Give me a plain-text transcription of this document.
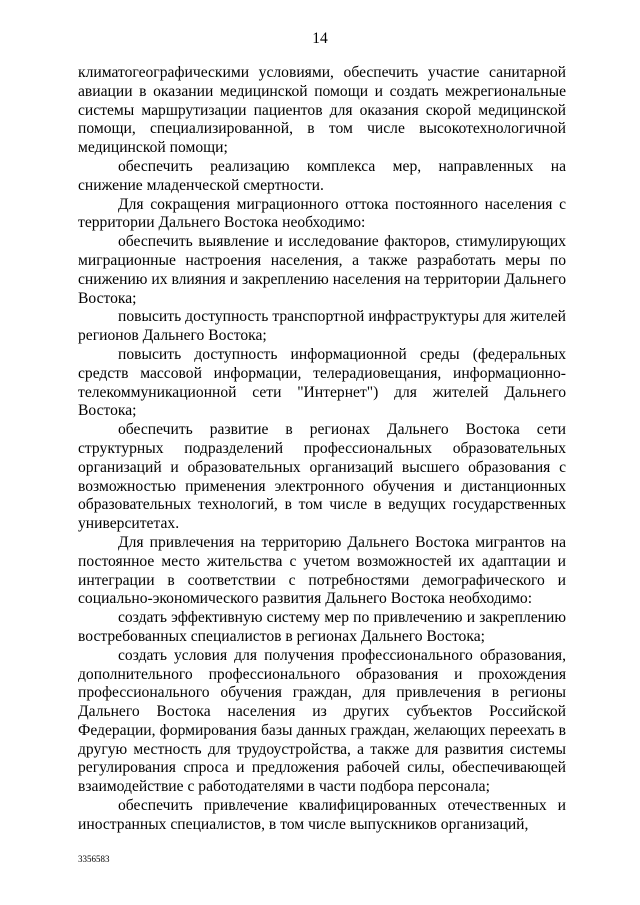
14

климатогеографическими условиями, обеспечить участие санитарной авиации в оказании медицинской помощи и создать межрегиональные системы маршрутизации пациентов для оказания скорой медицинской помощи, специализированной, в том числе высокотехнологичной медицинской помощи;

обеспечить реализацию комплекса мер, направленных на снижение младенческой смертности.

Для сокращения миграционного оттока постоянного населения с территории Дальнего Востока необходимо:

обеспечить выявление и исследование факторов, стимулирующих миграционные настроения населения, а также разработать меры по снижению их влияния и закреплению населения на территории Дальнего Востока;

повысить доступность транспортной инфраструктуры для жителей регионов Дальнего Востока;

повысить доступность информационной среды (федеральных средств массовой информации, телерадиовещания, информационно-телекоммуникационной сети "Интернет") для жителей Дальнего Востока;

обеспечить развитие в регионах Дальнего Востока сети структурных подразделений профессиональных образовательных организаций и образовательных организаций высшего образования с возможностью применения электронного обучения и дистанционных образовательных технологий, в том числе в ведущих государственных университетах.

Для привлечения на территорию Дальнего Востока мигрантов на постоянное место жительства с учетом возможностей их адаптации и интеграции в соответствии с потребностями демографического и социально-экономического развития Дальнего Востока необходимо:

создать эффективную систему мер по привлечению и закреплению востребованных специалистов в регионах Дальнего Востока;

создать условия для получения профессионального образования, дополнительного профессионального образования и прохождения профессионального обучения граждан, для привлечения в регионы Дальнего Востока населения из других субъектов Российской Федерации, формирования базы данных граждан, желающих переехать в другую местность для трудоустройства, а также для развития системы регулирования спроса и предложения рабочей силы, обеспечивающей взаимодействие с работодателями в части подбора персонала;

обеспечить привлечение квалифицированных отечественных и иностранных специалистов, в том числе выпускников организаций,

3356583
